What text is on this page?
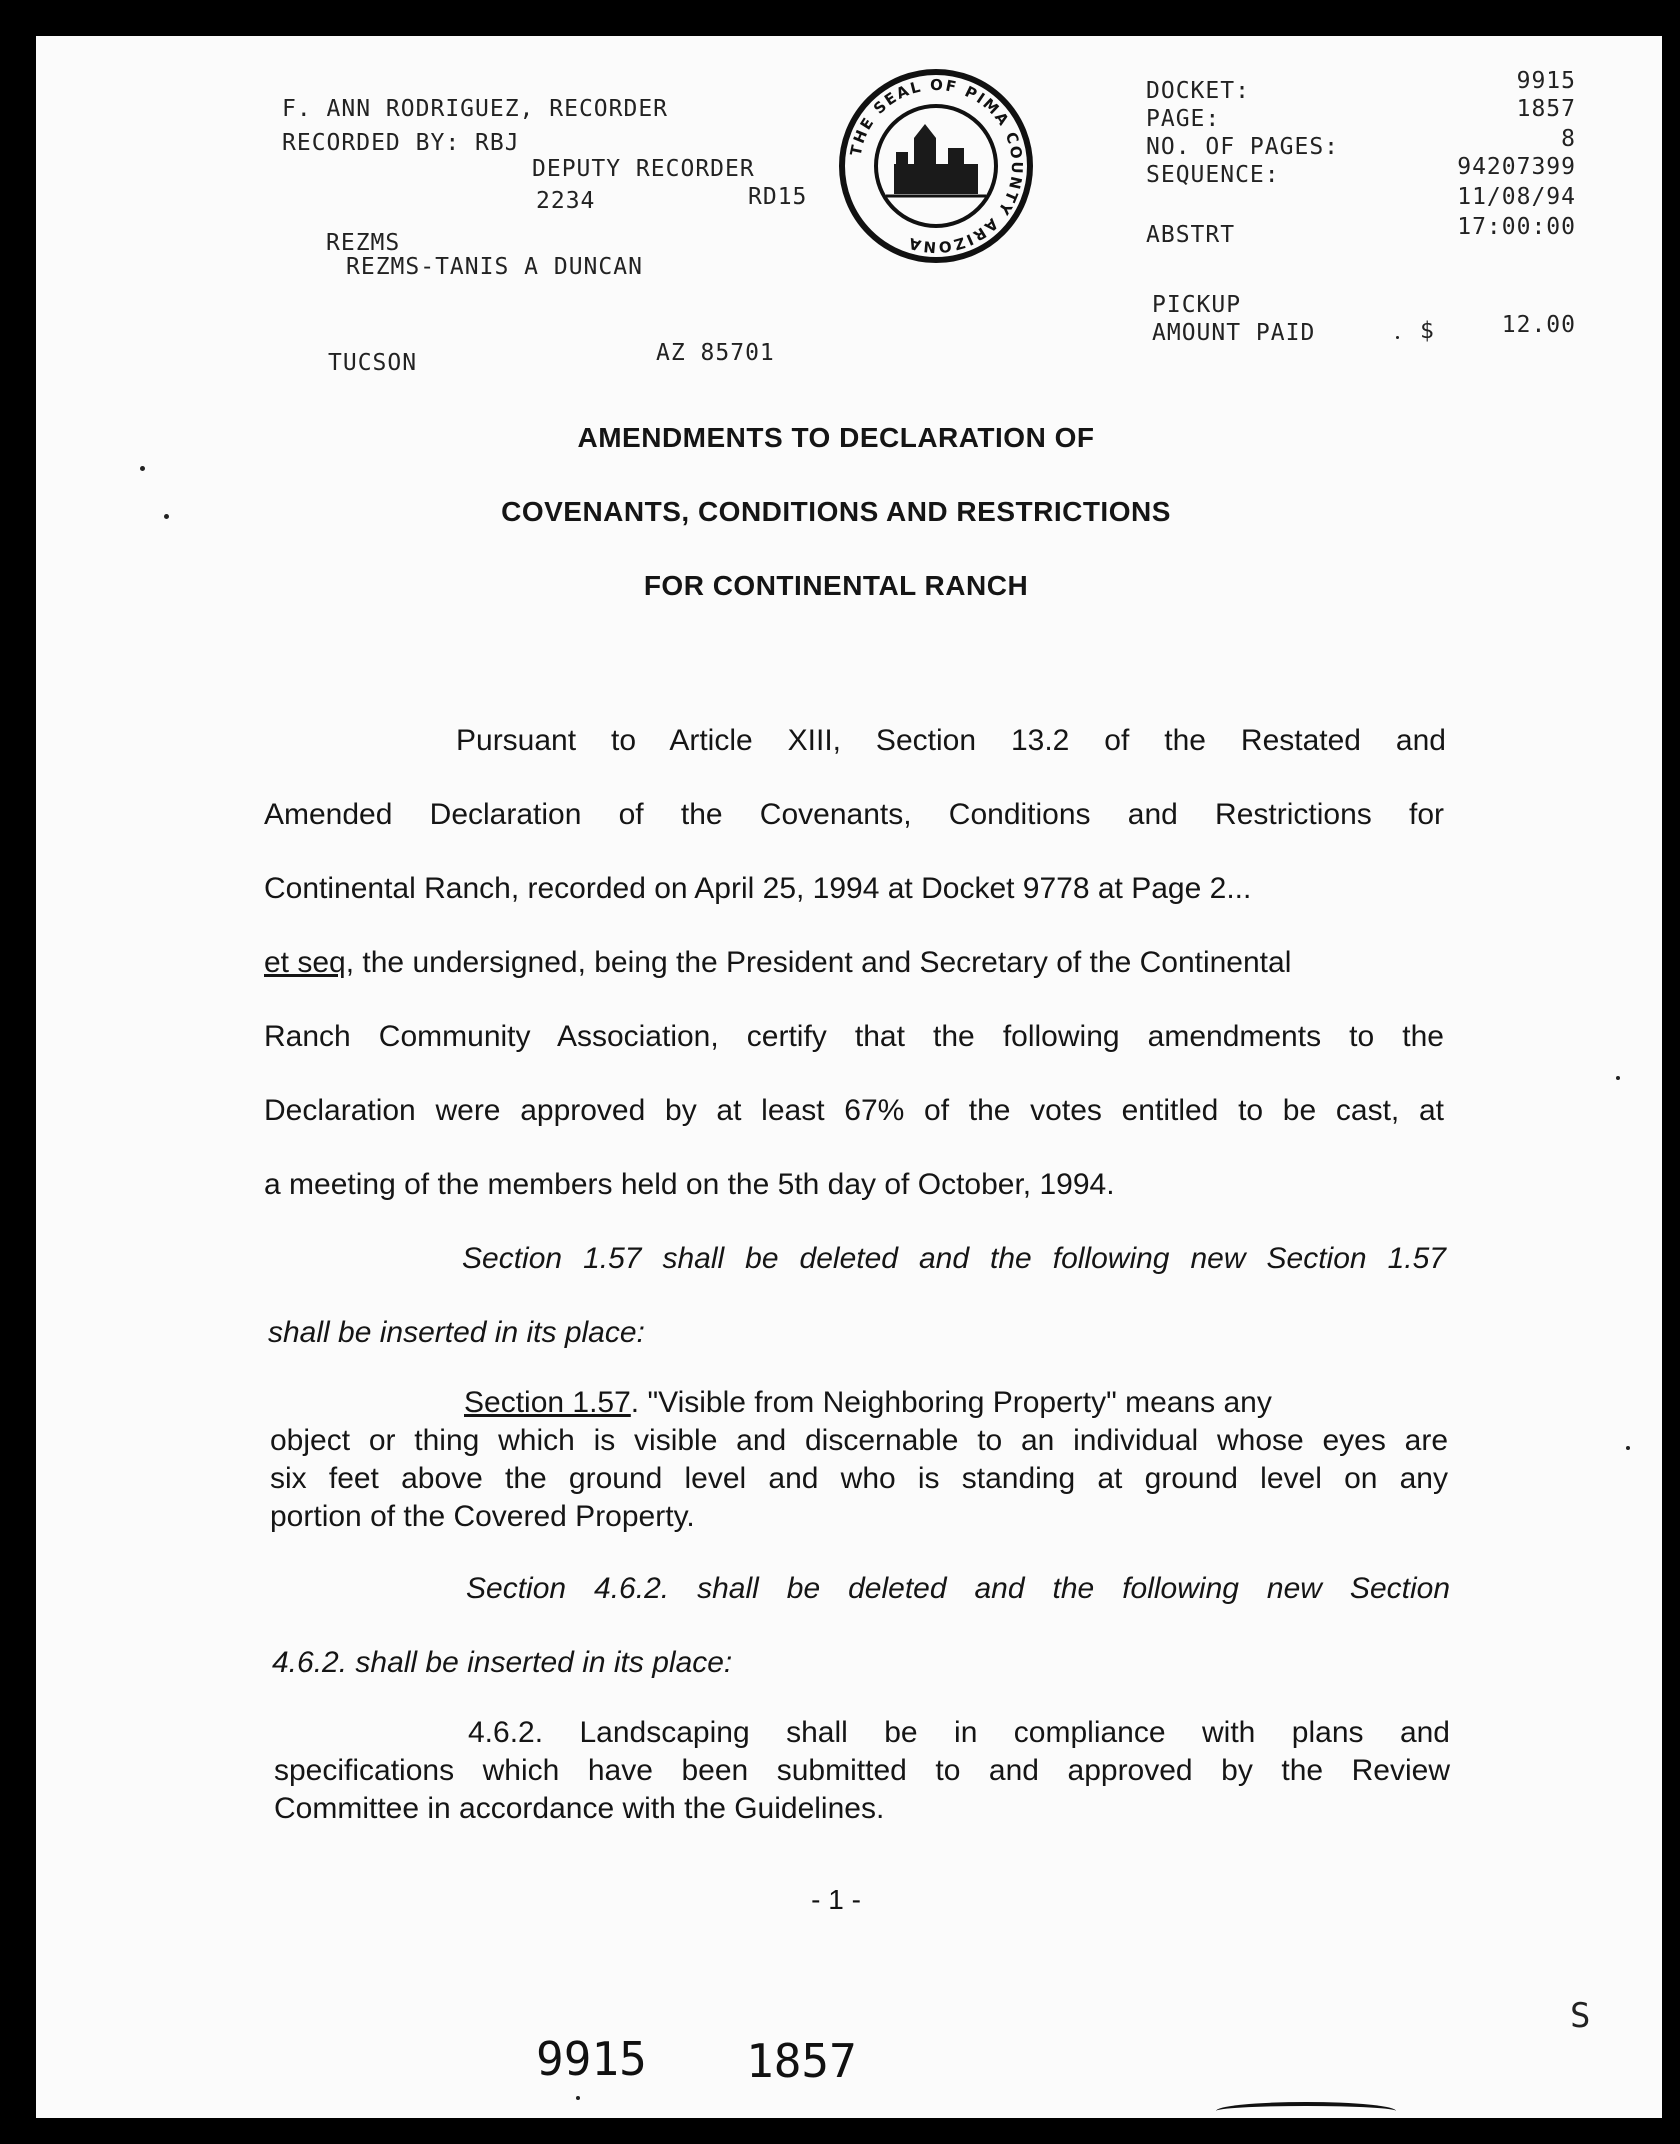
F. ANN RODRIGUEZ, RECORDER
RECORDED BY: RBJ
DEPUTY RECORDER
2234	RD15
REZMS
REZMS-TANIS A DUNCAN
TUCSON	AZ 85701
THE SEAL OF PIMA COUNTY ARIZONA
DOCKET:	9915
PAGE:	1857
NO. OF PAGES:	8
SEQUENCE:	94207399
11/08/94
ABSTRT	17:00:00
PICKUP
AMOUNT PAID	$	12.00
AMENDMENTS TO DECLARATION OF
COVENANTS, CONDITIONS AND RESTRICTIONS
FOR CONTINENTAL RANCH
Pursuant to Article XIII, Section 13.2 of the Restated and
Amended Declaration of the Covenants, Conditions and Restrictions for
Continental Ranch, recorded on April 25, 1994 at Docket 9778 at Page 2...
et seq, the undersigned, being the President and Secretary of the Continental
Ranch Community Association, certify that the following amendments to the
Declaration were approved by at least 67% of the votes entitled to be cast, at
a meeting of the members held on the 5th day of October, 1994.
Section 1.57 shall be deleted and the following new Section 1.57
shall be inserted in its place:
Section 1.57. "Visible from Neighboring Property" means any
object or thing which is visible and discernable to an individual whose eyes are
six feet above the ground level and who is standing at ground level on any
portion of the Covered Property.
Section 4.6.2. shall be deleted and the following new Section
4.6.2. shall be inserted in its place:
4.6.2. Landscaping shall be in compliance with plans and
specifications which have been submitted to and approved by the Review
Committee in accordance with the Guidelines.
- 1 -
9915 1857
S
